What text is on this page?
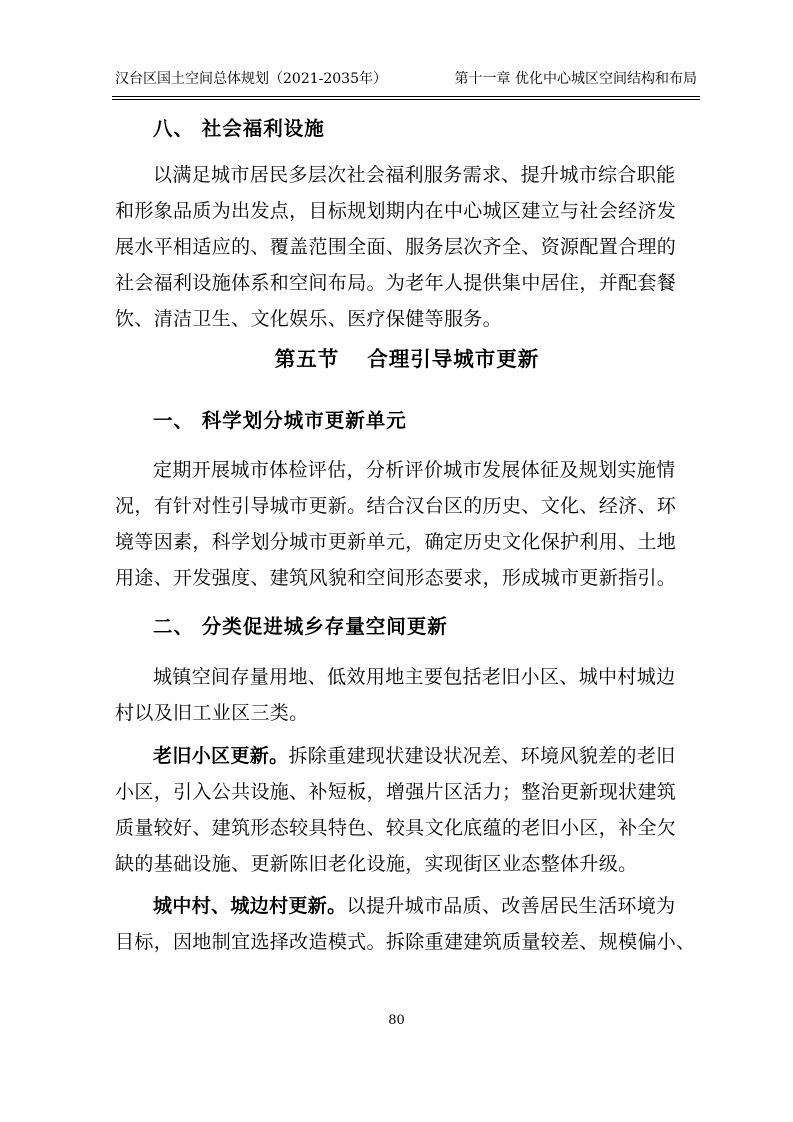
汉台区国土空间总体规划（2021-2035年）	第十一章 优化中心城区空间结构和布局
八、 社会福利设施
以满足城市居民多层次社会福利服务需求、提升城市综合职能
和形象品质为出发点，目标规划期内在中心城区建立与社会经济发
展水平相适应的、覆盖范围全面、服务层次齐全、资源配置合理的
社会福利设施体系和空间布局。为老年人提供集中居住，并配套餐
饮、清洁卫生、文化娱乐、医疗保健等服务。
第五节 合理引导城市更新
一、 科学划分城市更新单元
定期开展城市体检评估，分析评价城市发展体征及规划实施情
况，有针对性引导城市更新。结合汉台区的历史、文化、经济、环
境等因素，科学划分城市更新单元，确定历史文化保护利用、土地
用途、开发强度、建筑风貌和空间形态要求，形成城市更新指引。
二、 分类促进城乡存量空间更新
城镇空间存量用地、低效用地主要包括老旧小区、城中村城边
村以及旧工业区三类。
老旧小区更新。拆除重建现状建设状况差、环境风貌差的老旧
小区，引入公共设施、补短板，增强片区活力；整治更新现状建筑
质量较好、建筑形态较具特色、较具文化底蕴的老旧小区，补全欠
缺的基础设施、更新陈旧老化设施，实现街区业态整体升级。
城中村、城边村更新。以提升城市品质、改善居民生活环境为
目标，因地制宜选择改造模式。拆除重建建筑质量较差、规模偏小、
80
